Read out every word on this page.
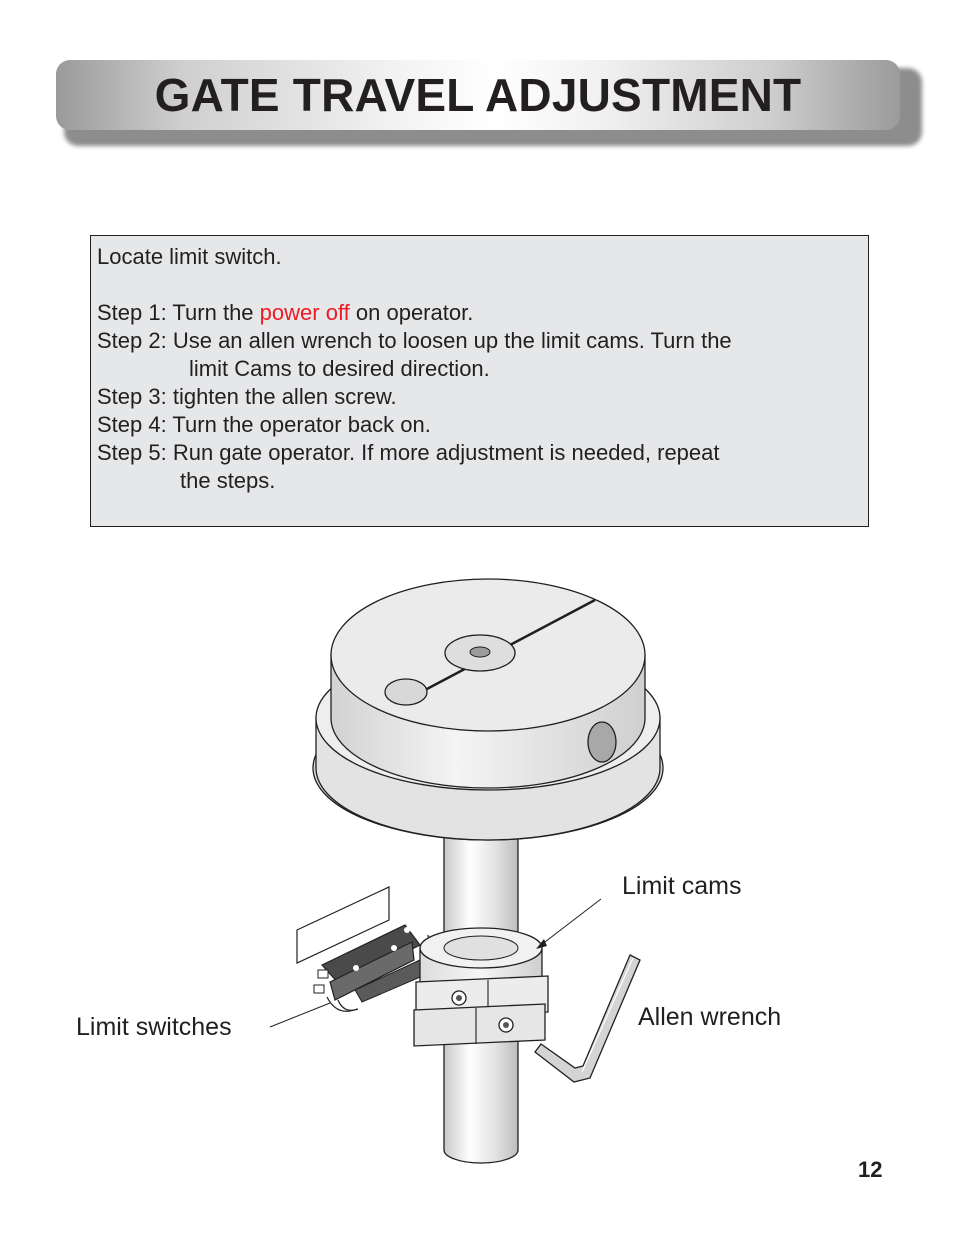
GATE TRAVEL ADJUSTMENT

Locate limit switch.

Step 1: Turn the power off on operator.

Step 2: Use an allen wrench to loosen up the limit cams. Turn the

limit Cams to desired direction.

Step 3: tighten the allen screw.

Step 4: Turn the operator back on.

Step 5: Run gate operator. If more adjustment is needed, repeat

the steps.

Limit cams
Allen wrench
Limit switches
12
